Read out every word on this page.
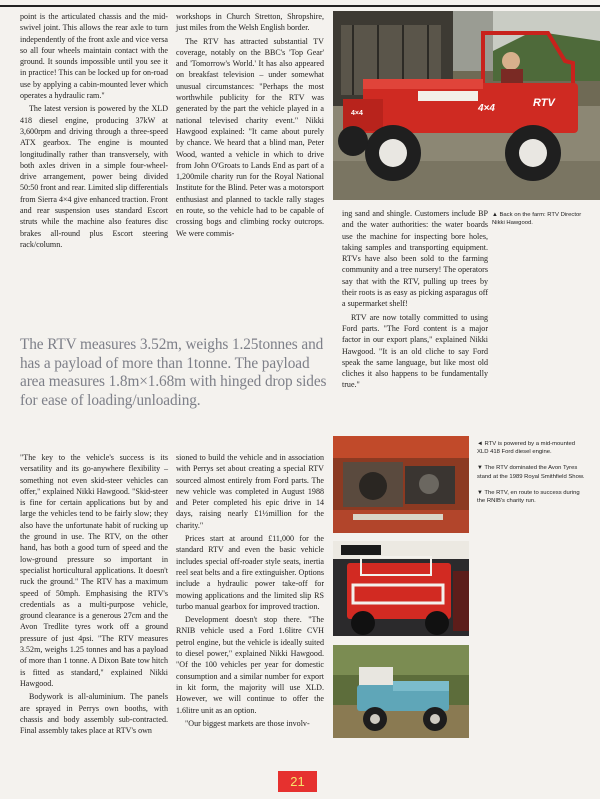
point is the articulated chassis and the mid-swivel joint. This allows the rear axle to turn independently of the front axle and vice versa so all four wheels maintain contact with the ground. It sounds impossible until you see it in practice! This can be locked up for on-road use by applying a cabin-mounted lever which operates a hydraulic ram."

The latest version is powered by the XLD 418 diesel engine, producing 37kW at 3,600rpm and driving through a three-speed ATX gearbox. The engine is mounted longitudinally rather than transversely, with both axles driven in a simple four-wheel-drive arrangement, power being divided 50:50 front and rear. Limited slip differentials from Sierra 4×4 give enhanced traction. Front and rear suspension uses standard Escort struts while the machine also features disc brakes all-round plus Escort steering rack/column.

workshops in Church Stretton, Shropshire, just miles from the Welsh English border.

The RTV has attracted substantial TV coverage, notably on the BBC's 'Top Gear' and 'Tomorrow's World.' It has also appeared on breakfast television – under somewhat unusual circumstances: "Perhaps the most worthwhile publicity for the RTV was generated by the part the vehicle played in a national televised charity event." Nikki Hawgood explained: "It came about purely by chance. We heard that a blind man, Peter Wood, wanted a vehicle in which to drive from John O'Groats to Lands End as part of a 1,200mile charity run for the Royal National Institute for the Blind. Peter was a motorsport enthusiast and planned to tackle rally stages en route, so the vehicle had to be capable of crossing bogs and climbing rocky outcrops. We were commis-

ing sand and shingle. Customers include BP and the water authorities: the water boards use the machine for inspecting bore holes, taking samples and transporting equipment. RTVs have also been sold to the farming community and a tree nursery! The operators say that with the RTV, pulling up trees by their roots is as easy as picking asparagus off a supermarket shelf!

RTV are now totally committed to using Ford parts. "The Ford content is a major factor in our export plans," explained Nikki Hawgood. "It is an old cliche to say Ford speak the same language, but like most old cliches it also happens to be fundamentally true."

The RTV measures 3.52m, weighs 1.25tonnes and has a payload of more than 1tonne. The payload area measures 1.8m×1.68m with hinged drop sides for ease of loading/unloading.

"The key to the vehicle's success is its versatility and its go-anywhere flexibility – something not even skid-steer vehicles can offer," explained Nikki Hawgood. "Skid-steer is fine for certain applications but by and large the vehicles tend to be fairly slow; they also have the unfortunate habit of rucking up the ground in use. The RTV, on the other hand, has both a good turn of speed and the low-ground pressure so important in specialist horticultural applications. It doesn't ruck the ground." The RTV has a maximum speed of 50mph. Emphasising the RTV's credentials as a multi-purpose vehicle, ground clearance is a generous 27cm and the Avon Tredlite tyres work off a ground pressure of just 4psi. "The RTV measures 3.52m, weighs 1.25 tonnes and has a payload of more than 1 tonne. A Dixon Bate tow hitch is fitted as standard," explained Nikki Hawgood.

Bodywork is all-aluminium. The panels are sprayed in Perrys own booths, with chassis and body assembly sub-contracted. Final assembly takes place at RTV's own

sioned to build the vehicle and in association with Perrys set about creating a special RTV sourced almost entirely from Ford parts. The new vehicle was completed in August 1988 and Peter completed his epic drive in 14 days, raising nearly £1½million for the charity."

Prices start at around £11,000 for the standard RTV and even the basic vehicle includes special off-roader style seats, inertia reel seat belts and a fire extinguisher. Options include a hydraulic power take-off for mowing applications and the limited slip RS turbo manual gearbox for improved traction.

Development doesn't stop there. "The RNIB vehicle used a Ford 1.6litre CVH petrol engine, but the vehicle is ideally suited to diesel power," explained Nikki Hawgood. "Of the 100 vehicles per year for domestic consumption and a similar number for export in kit form, the majority will use XLD. However, we will continue to offer the 1.6litre unit as an option.

"Our biggest markets are those involv-

4×4	RTV
4×4

▲ Back on the farm: RTV Director Nikki Hawgood.

◄ RTV is powered by a mid-mounted XLD 418 Ford diesel engine.

▼ The RTV dominated the Avon Tyres stand at the 1989 Royal Smithfield Show.

▼ The RTV, en route to success during the RNIB's charity run.

21
